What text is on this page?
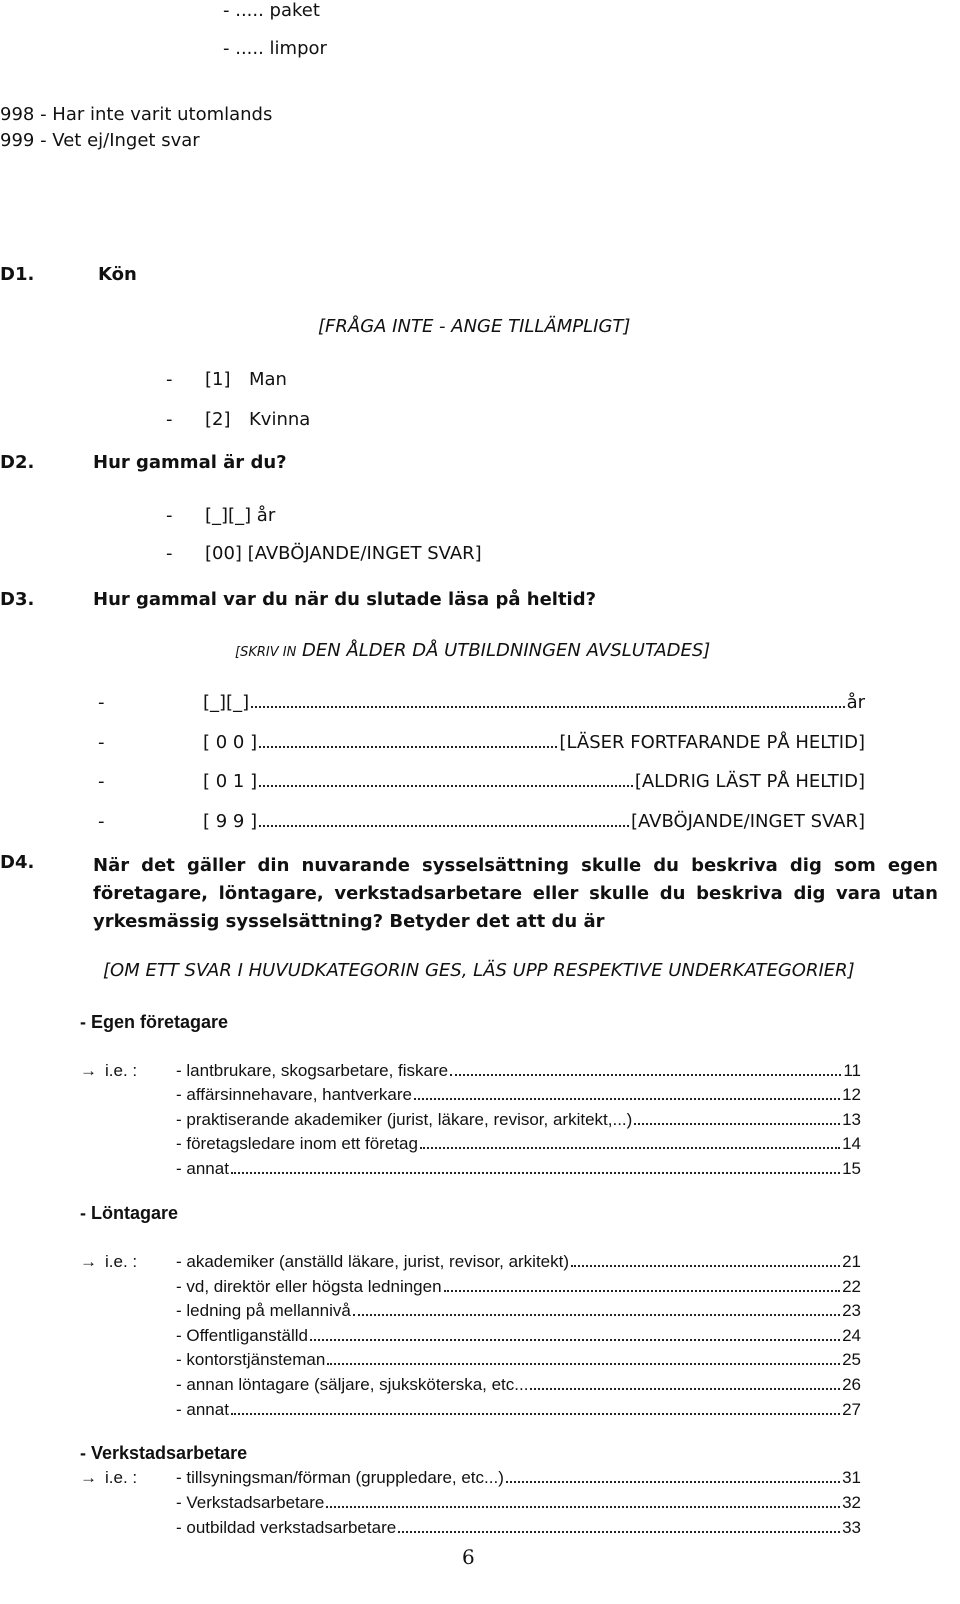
- ..... paket
- ..... limpor
998 - Har inte varit utomlands
999 - Vet ej/Inget svar
D1.	Kön
[FRÅGA INTE - ANGE TILLÄMPLIGT]
- [1] Man
- [2] Kvinna
D2.	Hur gammal är du?
- [_][_] år
- [00] [AVBÖJANDE/INGET SVAR]
D3.	Hur gammal var du när du slutade läsa på heltid?
[SKRIV IN DEN ÅLDER DÅ UTBILDNINGEN AVSLUTADES]
-	[_][_]	år
-	[ 0 0 ]	[LÄSER FORTFARANDE PÅ HELTID]
-	[ 0 1 ]	[ALDRIG LÄST PÅ HELTID]
-	[ 9 9 ]	[AVBÖJANDE/INGET SVAR]
D4.	När det gäller din nuvarande sysselsättning skulle du beskriva dig som egen företagare, löntagare, verkstadsarbetare eller skulle du beskriva dig vara utan yrkesmässig sysselsättning? Betyder det att du är
[OM ETT SVAR I HUVUDKATEGORIN GES, LÄS UPP RESPEKTIVE UNDERKATEGORIER]
- Egen företagare
→ i.e. : - lantbrukare, skogsarbetare, fiskare	11
- affärsinnehavare, hantverkare	12
- praktiserande akademiker (jurist, läkare, revisor, arkitekt,...)	13
- företagsledare inom ett företag	14
- annat	15
- Löntagare
→ i.e. : - akademiker (anställd läkare, jurist, revisor, arkitekt)	21
- vd, direktör eller högsta ledningen	22
- ledning på mellannivå	23
- Offentliganställd	24
- kontorstjänsteman	25
- annan löntagare (säljare, sjuksköterska, etc...	26
- annat	27
- Verkstadsarbetare
→ i.e. : - tillsyningsman/förman (gruppledare, etc...)	31
- Verkstadsarbetare	32
- outbildad verkstadsarbetare	33
6
